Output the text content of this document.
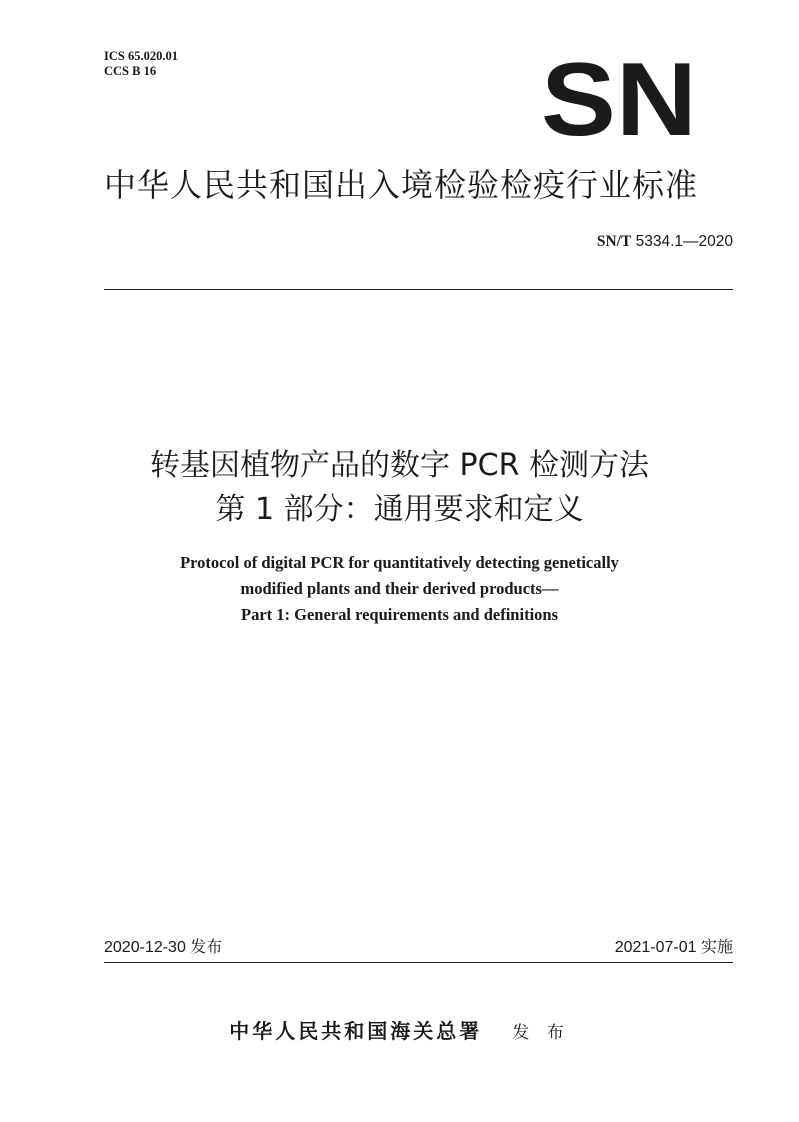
ICS 65.020.01
CCS B 16	SN
中华人民共和国出入境检验检疫行业标准
SN/T 5334.1—2020
转基因植物产品的数字 PCR 检测方法
第 1 部分：通用要求和定义
Protocol of digital PCR for quantitatively detecting genetically
modified plants and their derived products—
Part 1: General requirements and definitions
2020-12-30 发布	2021-07-01 实施
中华人民共和国海关总署 发 布
